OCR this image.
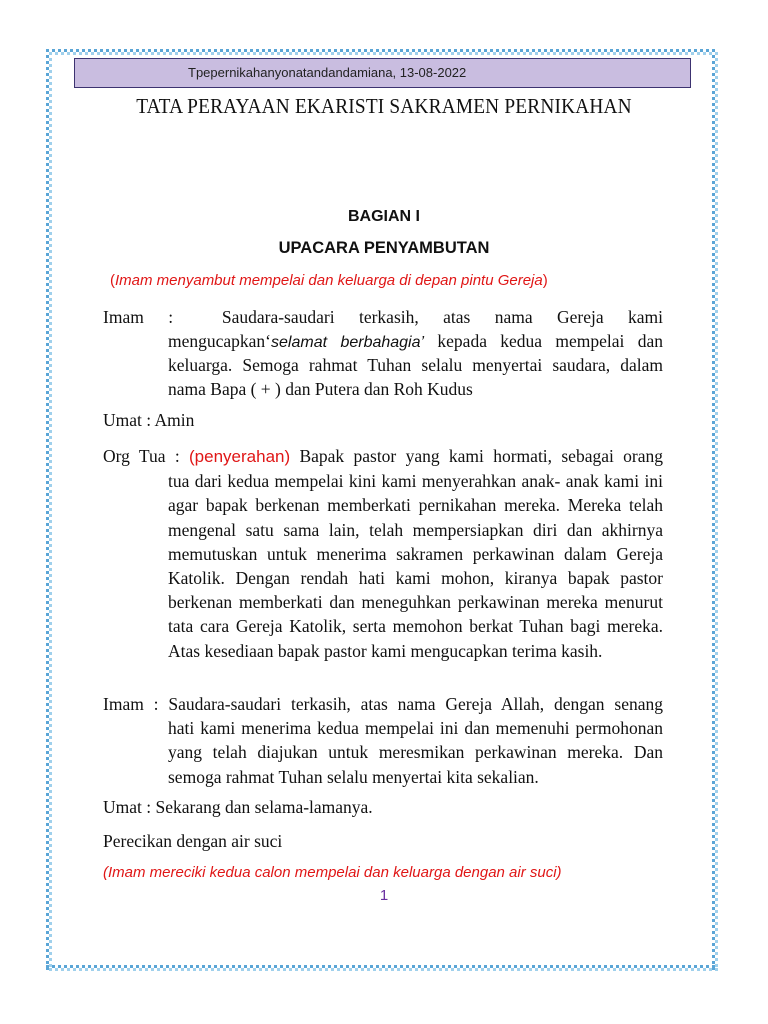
Tpepernikahanyonatandandamiana, 13-08-2022
TATA PERAYAAN EKARISTI SAKRAMEN PERNIKAHAN
BAGIAN I
UPACARA PENYAMBUTAN
(Imam menyambut mempelai dan keluarga di depan pintu Gereja)
Imam :	Saudara-saudari terkasih, atas nama Gereja kami
mengucapkan‘selamat berbahagia’ kepada kedua mempelai dan
keluarga. Semoga rahmat Tuhan selalu menyertai saudara, dalam nama Bapa ( + ) dan Putera dan Roh Kudus
Umat : Amin
Org Tua : (penyerahan) Bapak pastor yang kami hormati, sebagai orang
tua dari kedua mempelai kini kami menyerahkan anak- anak kami ini agar bapak berkenan memberkati pernikahan mereka. Mereka telah mengenal satu sama lain, telah mempersiapkan diri dan akhirnya memutuskan untuk menerima sakramen perkawinan dalam Gereja Katolik. Dengan rendah hati kami mohon, kiranya bapak pastor berkenan memberkati dan meneguhkan perkawinan mereka menurut tata cara Gereja Katolik, serta memohon berkat Tuhan bagi mereka. Atas kesediaan bapak pastor kami mengucapkan terima kasih.
Imam : Saudara-saudari terkasih, atas nama Gereja Allah, dengan senang
hati kami menerima kedua mempelai ini dan memenuhi permohonan yang telah diajukan untuk meresmikan perkawinan mereka. Dan semoga rahmat Tuhan selalu menyertai kita sekalian.
Umat : Sekarang dan selama-lamanya.
Perecikan dengan air suci
(Imam mereciki kedua calon mempelai dan keluarga dengan air suci)
1
